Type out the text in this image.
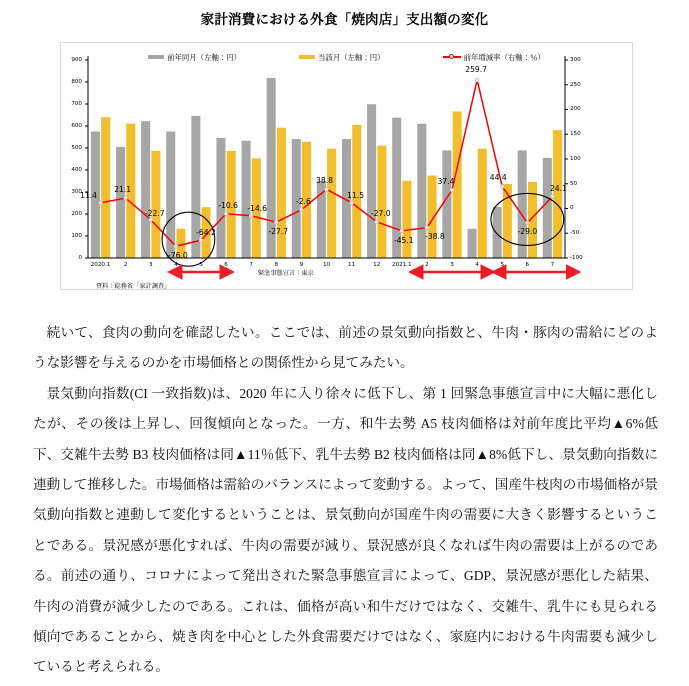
家計消費における外食「焼肉店」支出額の変化
前年同月（左軸：円）	当該月（左軸：円）	前年増減率（右軸：％）
0
100
200
300
400
500
600
700
800
900
-100
-50
0
50
100
150
200
250
300
2020.1	2	3	4	5	6	7	8	9	10	11	12	2021.1	2	3	4	5	6	7
11.4
21.1
-22.7
-76.0
-64.2
-10.6	-14.6
-27.7
-2.6
38.8
11.5
-27.0
-45.1	-38.8
37.4
259.7
44.4
-29.0
24.1
緊急事態宣言：東京
資料：総務省「家計調査」

続いて、食肉の動向を確認したい。ここでは、前述の景気動向指数と、牛肉・豚肉の需給にどのような影響を与えるのかを市場価格との関係性から見てみたい。

景気動向指数(CI 一致指数)は、2020 年に入り徐々に低下し、第 1 回緊急事態宣言中に大幅に悪化したが、その後は上昇し、回復傾向となった。一方、和牛去勢 A5 枝肉価格は対前年度比平均▲6%低下、交雑牛去勢 B3 枝肉価格は同▲11％低下、乳牛去勢 B2 枝肉価格は同▲8%低下し、景気動向指数に連動して推移した。市場価格は需給のバランスによって変動する。よって、国産牛枝肉の市場価格が景気動向指数と連動して変化するということは、景気動向が国産牛肉の需要に大きく影響するということである。景況感が悪化すれば、牛肉の需要が減り、景況感が良くなれば牛肉の需要は上がるのである。前述の通り、コロナによって発出された緊急事態宣言によって、GDP、景況感が悪化した結果、牛肉の消費が減少したのである。これは、価格が高い和牛だけではなく、交雑牛、乳牛にも見られる傾向であることから、焼き肉を中心とした外食需要だけではなく、家庭内における牛肉需要も減少していると考えられる。
